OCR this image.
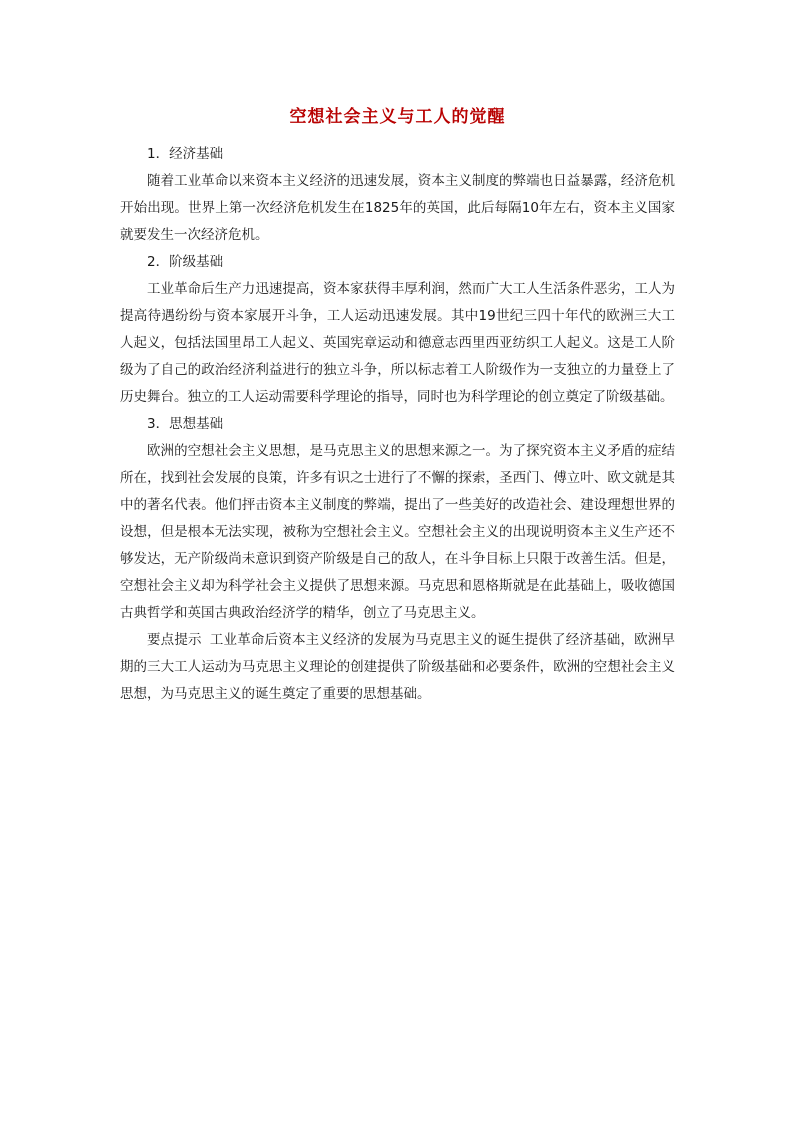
空想社会主义与工人的觉醒

1．经济基础

随着工业革命以来资本主义经济的迅速发展，资本主义制度的弊端也日益暴露，经济危机开始出现。世界上第一次经济危机发生在1825年的英国，此后每隔10年左右，资本主义国家就要发生一次经济危机。

2．阶级基础

工业革命后生产力迅速提高，资本家获得丰厚利润，然而广大工人生活条件恶劣，工人为提高待遇纷纷与资本家展开斗争，工人运动迅速发展。其中19世纪三四十年代的欧洲三大工人起义，包括法国里昂工人起义、英国宪章运动和德意志西里西亚纺织工人起义。这是工人阶级为了自己的政治经济利益进行的独立斗争，所以标志着工人阶级作为一支独立的力量登上了历史舞台。独立的工人运动需要科学理论的指导，同时也为科学理论的创立奠定了阶级基础。

3．思想基础

欧洲的空想社会主义思想，是马克思主义的思想来源之一。为了探究资本主义矛盾的症结所在，找到社会发展的良策，许多有识之士进行了不懈的探索，圣西门、傅立叶、欧文就是其中的著名代表。他们抨击资本主义制度的弊端，提出了一些美好的改造社会、建设理想世界的设想，但是根本无法实现，被称为空想社会主义。空想社会主义的出现说明资本主义生产还不够发达，无产阶级尚未意识到资产阶级是自己的敌人，在斗争目标上只限于改善生活。但是，空想社会主义却为科学社会主义提供了思想来源。马克思和恩格斯就是在此基础上，吸收德国古典哲学和英国古典政治经济学的精华，创立了马克思主义。

要点提示 工业革命后资本主义经济的发展为马克思主义的诞生提供了经济基础，欧洲早期的三大工人运动为马克思主义理论的创建提供了阶级基础和必要条件，欧洲的空想社会主义思想，为马克思主义的诞生奠定了重要的思想基础。
